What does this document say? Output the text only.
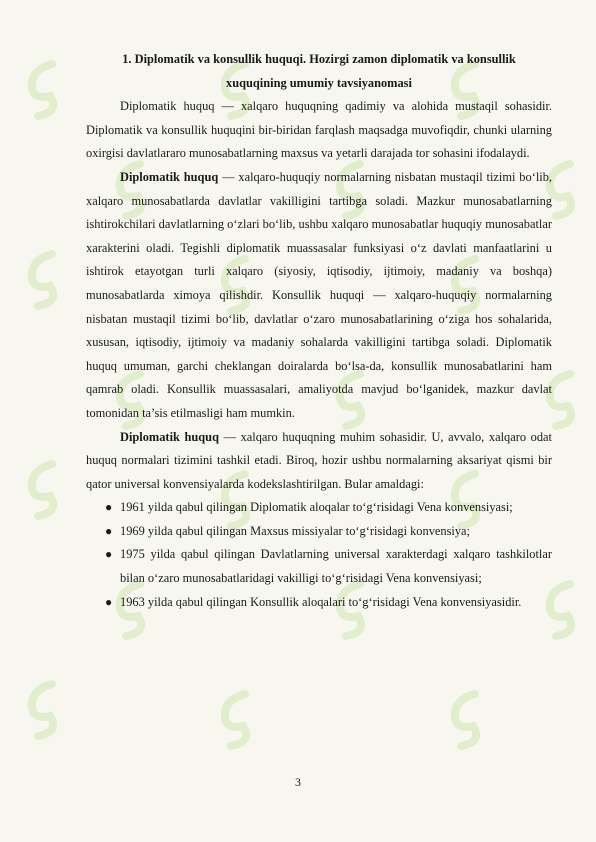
1. Diplomatik va konsullik huquqi. Hozirgi zamon diplomatik va konsullik
xuquqining umumiy tavsiyanomasi

Diplomatik huquq — xalqaro huquqning qadimiy va alohida mustaqil sohasidir. Diplomatik va konsullik huquqini bir-biridan farqlash maqsadga muvofiqdir, chunki ularning oxirgisi davlatlararo munosabatlarning maxsus va yetarli darajada tor sohasini ifodalaydi.

Diplomatik huquq — xalqaro-huquqiy normalarning nisbatan mustaqil tizimi bo‘lib, xalqaro munosabatlarda davlatlar vakilligini tartibga soladi. Mazkur munosabatlarning ishtirokchilari davlatlarning o‘zlari bo‘lib, ushbu xalqaro munosabatlar huquqiy munosabatlar xarakterini oladi. Tegishli diplomatik muassasalar funksiyasi o‘z davlati manfaatlarini u ishtirok etayotgan turli xalqaro (siyosiy, iqtisodiy, ijtimoiy, madaniy va boshqa) munosabatlarda ximoya qilishdir. Konsullik huquqi — xalqaro-huquqiy normalarning nisbatan mustaqil tizimi bo‘lib, davlatlar o‘zaro munosabatlarining o‘ziga hos sohalarida, xususan, iqtisodiy, ijtimoiy va madaniy sohalarda vakilligini tartibga soladi. Diplomatik huquq umuman, garchi cheklangan doiralarda bo‘lsa-da, konsullik munosabatlarini ham qamrab oladi. Konsullik muassasalari, amaliyotda mavjud bo‘lganidek, mazkur davlat tomonidan ta’sis etilmasligi ham mumkin.

Diplomatik huquq — xalqaro huquqning muhim sohasidir. U, avvalo, xalqaro odat huquq normalari tizimini tashkil etadi. Biroq, hozir ushbu normalarning aksariyat qismi bir qator universal konvensiyalarda kodekslashtirilgan. Bular amaldagi:

● 1961 yilda qabul qilingan Diplomatik aloqalar to‘g‘risidagi Vena konvensiyasi;
● 1969 yilda qabul qilingan Maxsus missiyalar to‘g‘risidagi konvensiya;
● 1975 yilda qabul qilingan Davlatlarning universal xarakterdagi xalqaro tashkilotlar bilan o‘zaro munosabatlaridagi vakilligi to‘g‘risidagi Vena konvensiyasi;
● 1963 yilda qabul qilingan Konsullik aloqalari to‘g‘risidagi Vena konvensiyasidir.
3
